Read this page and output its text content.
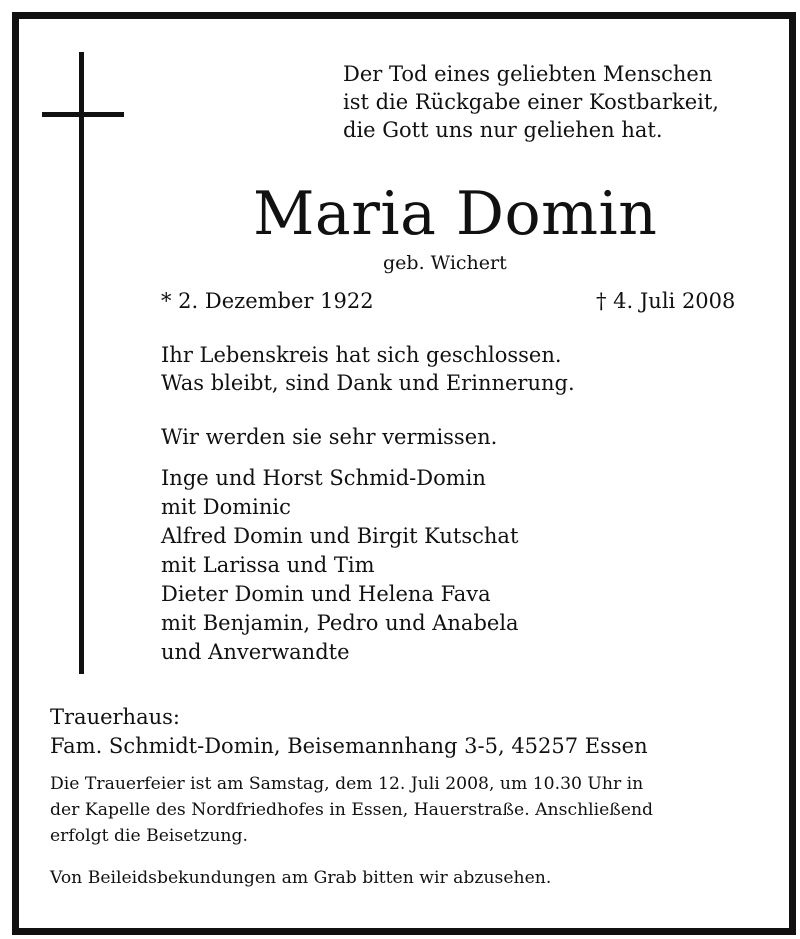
Der Tod eines geliebten Menschen
ist die Rückgabe einer Kostbarkeit,
die Gott uns nur geliehen hat.
Maria Domin
geb. Wichert
* 2. Dezember 1922	† 4. Juli 2008
Ihr Lebenskreis hat sich geschlossen.
Was bleibt, sind Dank und Erinnerung.
Wir werden sie sehr vermissen.
Inge und Horst Schmid-Domin
mit Dominic
Alfred Domin und Birgit Kutschat
mit Larissa und Tim
Dieter Domin und Helena Fava
mit Benjamin, Pedro und Anabela
und Anverwandte
Trauerhaus:
Fam. Schmidt-Domin, Beisemannhang 3-5, 45257 Essen
Die Trauerfeier ist am Samstag, dem 12. Juli 2008, um 10.30 Uhr in
der Kapelle des Nordfriedhofes in Essen, Hauerstraße. Anschließend
erfolgt die Beisetzung.
Von Beileidsbekundungen am Grab bitten wir abzusehen.
